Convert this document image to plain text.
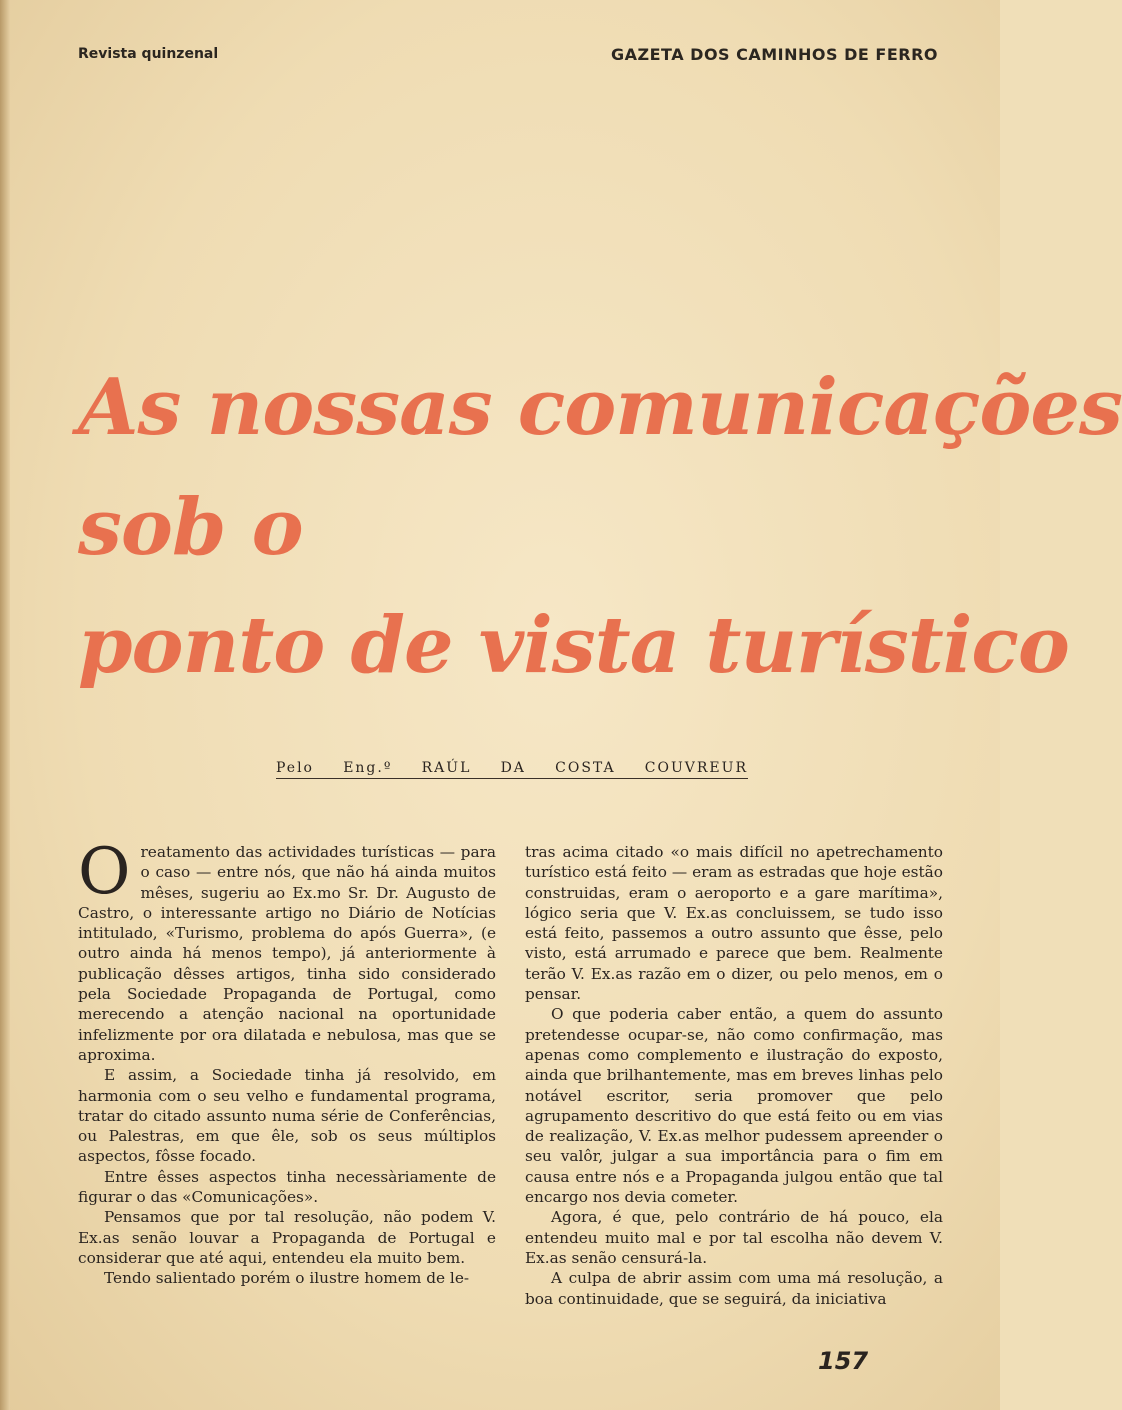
Revista quinzenal	GAZETA DOS CAMINHOS DE FERRO
As nossas comunicações
sob o
ponto de vista turístico
Pelo Eng.º RAÚL DA COSTA COUVREUR
O reatamento das actividades turísticas — para o caso — entre nós, que não há ainda muitos mêses, sugeriu ao Ex.mo Sr. Dr. Augusto de Castro, o interessante artigo no Diário de Notícias intitulado, «Turismo, problema do após Guerra», (e outro ainda há menos tempo), já anteriormente à publicação dêsses artigos, tinha sido considerado pela Sociedade Propaganda de Portugal, como merecendo a atenção nacional na oportunidade infelizmente por ora dilatada e nebulosa, mas que se aproxima.

E assim, a Sociedade tinha já resolvido, em harmonia com o seu velho e fundamental programa, tratar do citado assunto numa série de Conferências, ou Palestras, em que êle, sob os seus múltiplos aspectos, fôsse focado.

Entre êsses aspectos tinha necessàriamente de figurar o das «Comunicações».

Pensamos que por tal resolução, não podem V. Ex.as senão louvar a Propaganda de Portugal e considerar que até aqui, entendeu ela muito bem.

Tendo salientado porém o ilustre homem de le-

tras acima citado «o mais difícil no apetrechamento turístico está feito — eram as estradas que hoje estão construidas, eram o aeroporto e a gare marítima», lógico seria que V. Ex.as concluissem, se tudo isso está feito, passemos a outro assunto que êsse, pelo visto, está arrumado e parece que bem. Realmente terão V. Ex.as razão em o dizer, ou pelo menos, em o pensar.

O que poderia caber então, a quem do assunto pretendesse ocupar-se, não como confirmação, mas apenas como complemento e ilustração do exposto, ainda que brilhantemente, mas em breves linhas pelo notável escritor, seria promover que pelo agrupamento descritivo do que está feito ou em vias de realização, V. Ex.as melhor pudessem apreender o seu valôr, julgar a sua importância para o fim em causa entre nós e a Propaganda julgou então que tal encargo nos devia cometer.

Agora, é que, pelo contrário de há pouco, ela entendeu muito mal e por tal escolha não devem V. Ex.as senão censurá-la.

A culpa de abrir assim com uma má resolução, a boa continuidade, que se seguirá, da iniciativa

157
